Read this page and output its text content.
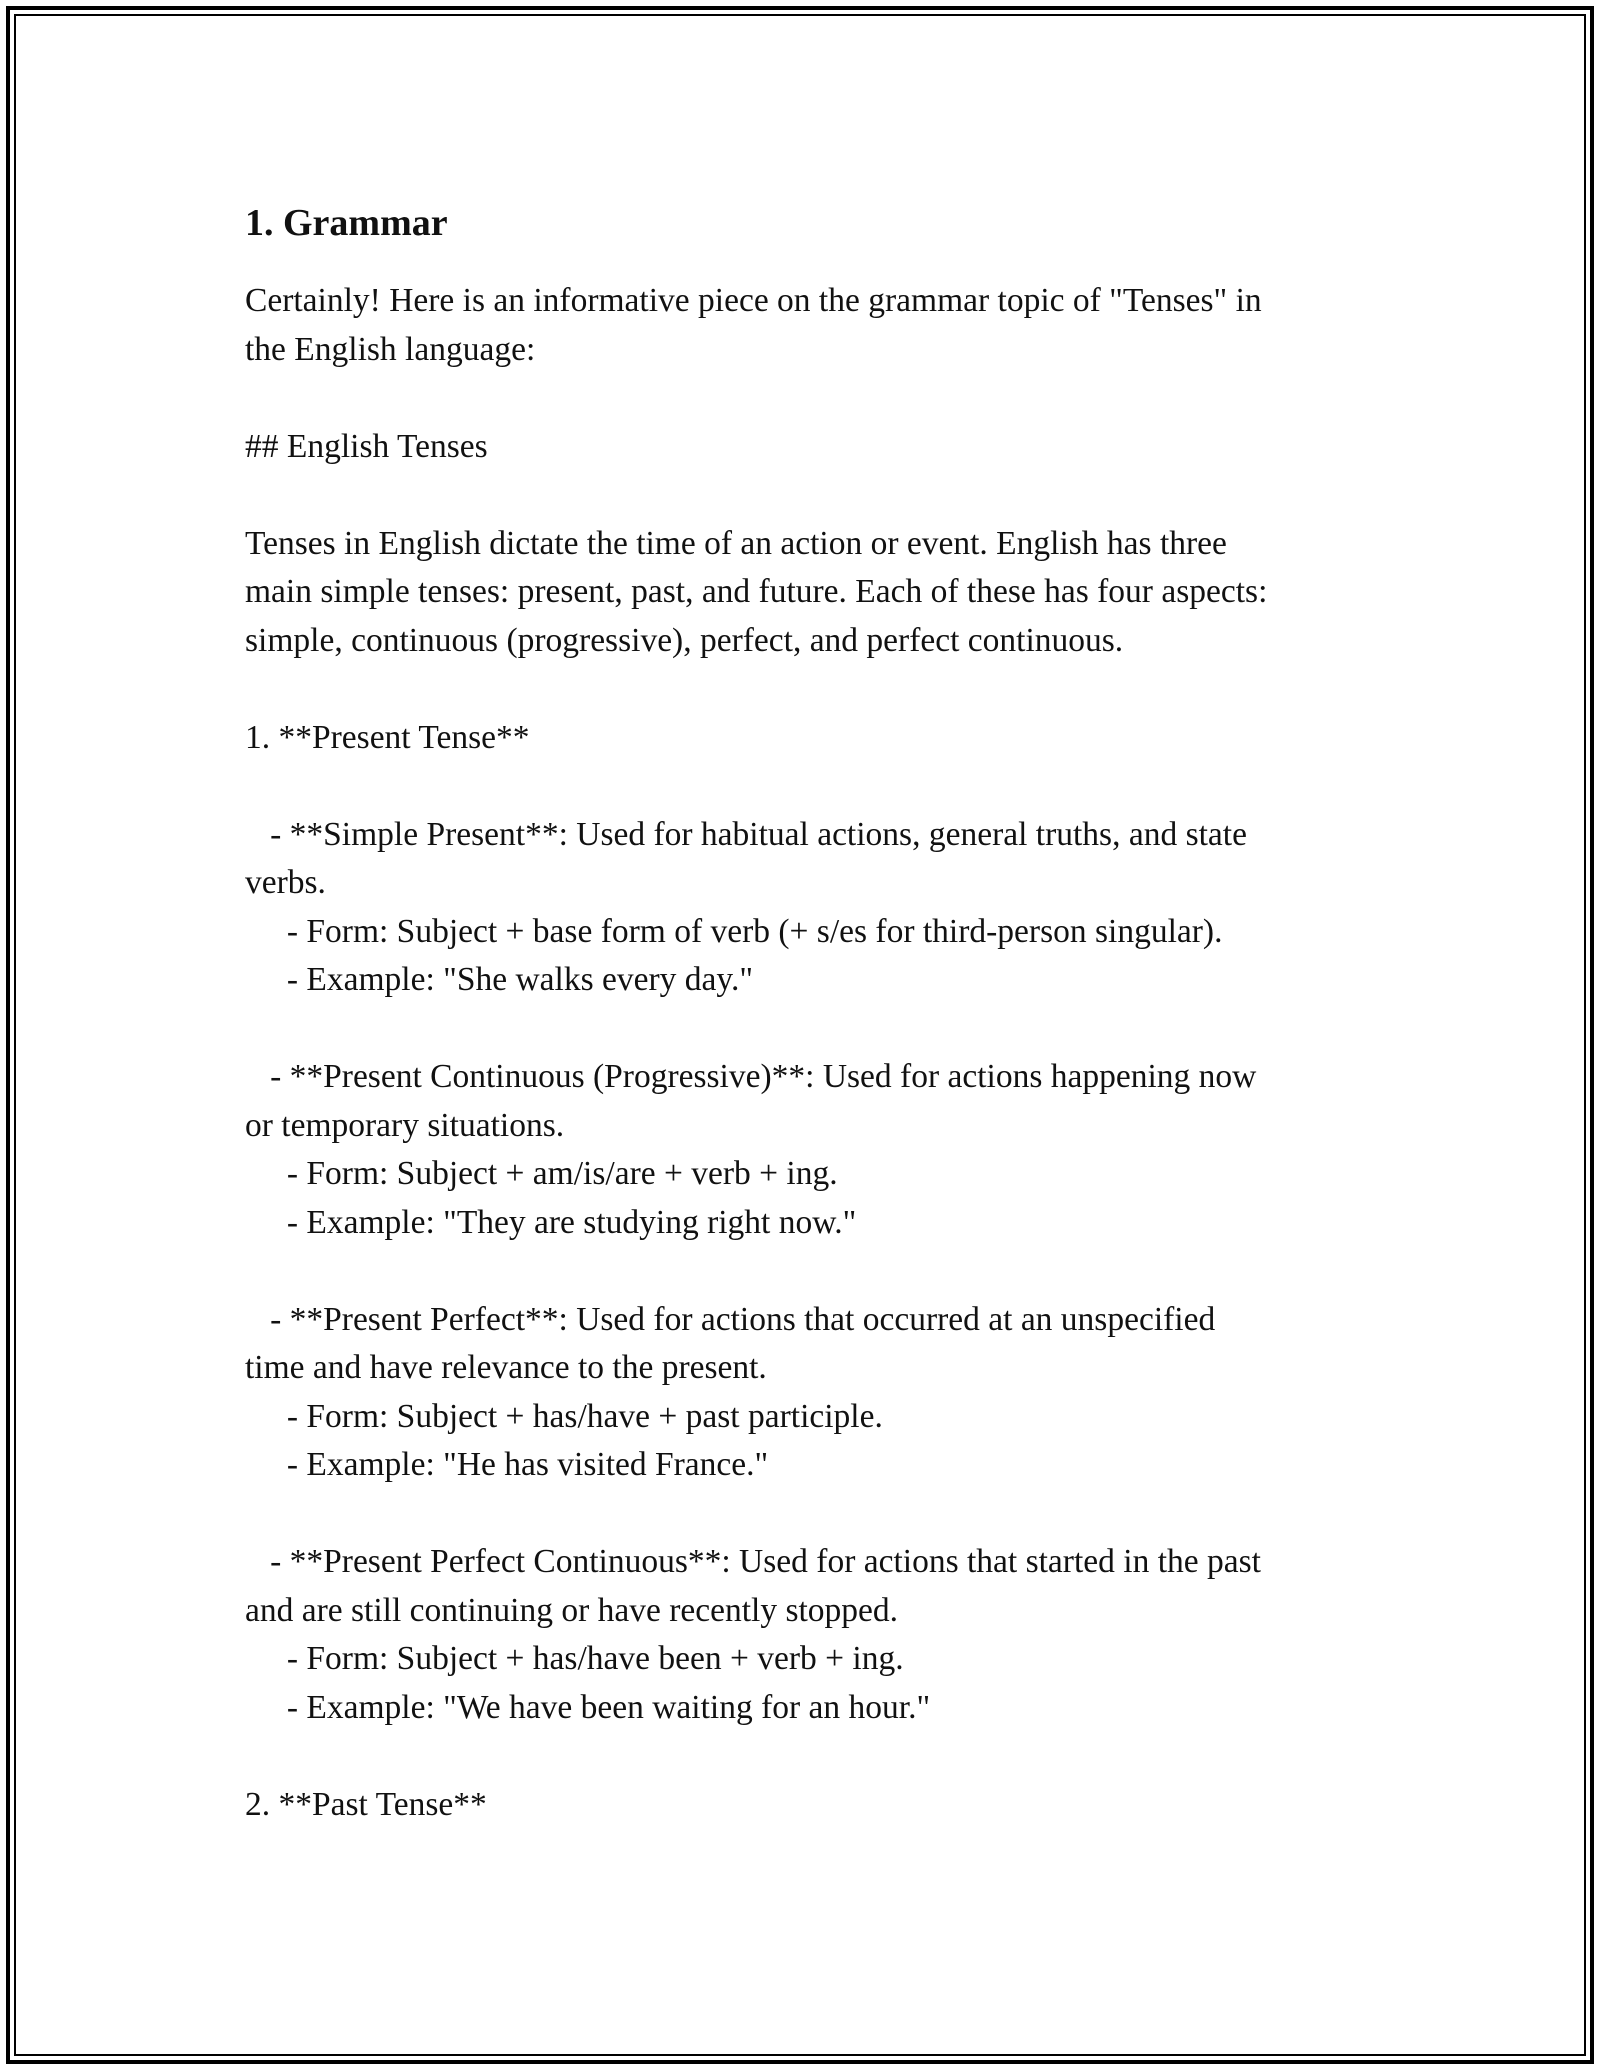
1. Grammar

Certainly! Here is an informative piece on the grammar topic of "Tenses" in

the English language:

## English Tenses

Tenses in English dictate the time of an action or event. English has three

main simple tenses: present, past, and future. Each of these has four aspects:

simple, continuous (progressive), perfect, and perfect continuous.

1. **Present Tense**

- **Simple Present**: Used for habitual actions, general truths, and state

verbs.

- Form: Subject + base form of verb (+ s/es for third-person singular).

- Example: "She walks every day."

- **Present Continuous (Progressive)**: Used for actions happening now

or temporary situations.

- Form: Subject + am/is/are + verb + ing.

- Example: "They are studying right now."

- **Present Perfect**: Used for actions that occurred at an unspecified

time and have relevance to the present.

- Form: Subject + has/have + past participle.

- Example: "He has visited France."

- **Present Perfect Continuous**: Used for actions that started in the past

and are still continuing or have recently stopped.

- Form: Subject + has/have been + verb + ing.

- Example: "We have been waiting for an hour."

2. **Past Tense**
